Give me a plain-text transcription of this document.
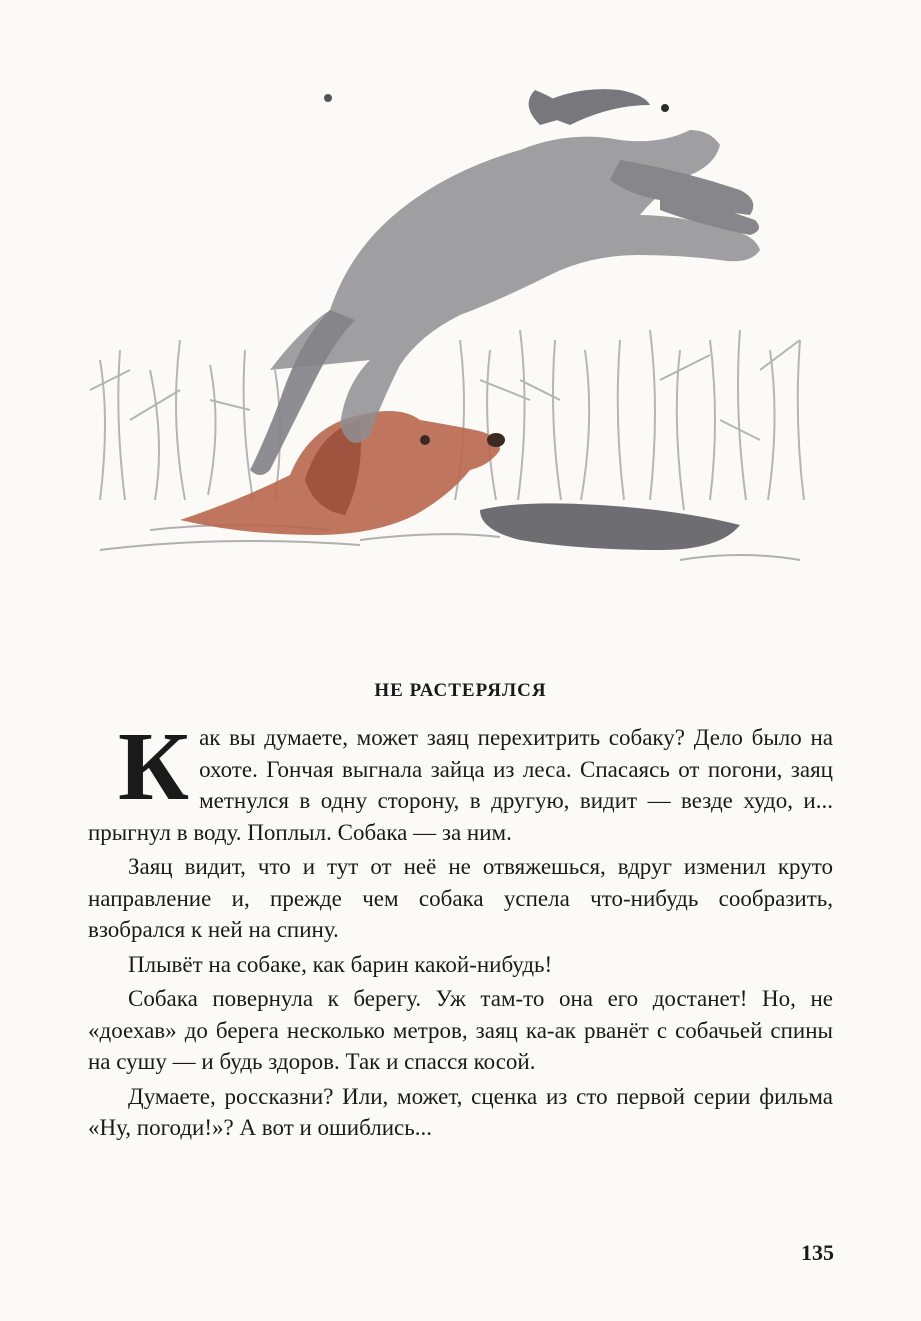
НЕ РАСТЕРЯЛСЯ

Как вы думаете, может заяц перехитрить собаку? Дело было на охоте. Гончая выгнала зайца из леса. Спасаясь от погони, заяц метнулся в одну сторону, в другую, видит — везде худо, и... прыгнул в воду. Поплыл. Собака — за ним.

Заяц видит, что и тут от неё не отвяжешься, вдруг изменил круто направление и, прежде чем собака успела что-нибудь сообразить, взобрался к ней на спину.

Плывёт на собаке, как барин какой-нибудь!

Собака повернула к берегу. Уж там-то она его достанет! Но, не «доехав» до берега несколько метров, заяц ка-ак рванёт с собачьей спины на сушу — и будь здоров. Так и спасся косой.

Думаете, россказни? Или, может, сценка из сто первой серии фильма «Ну, погоди!»? А вот и ошиблись...

135
